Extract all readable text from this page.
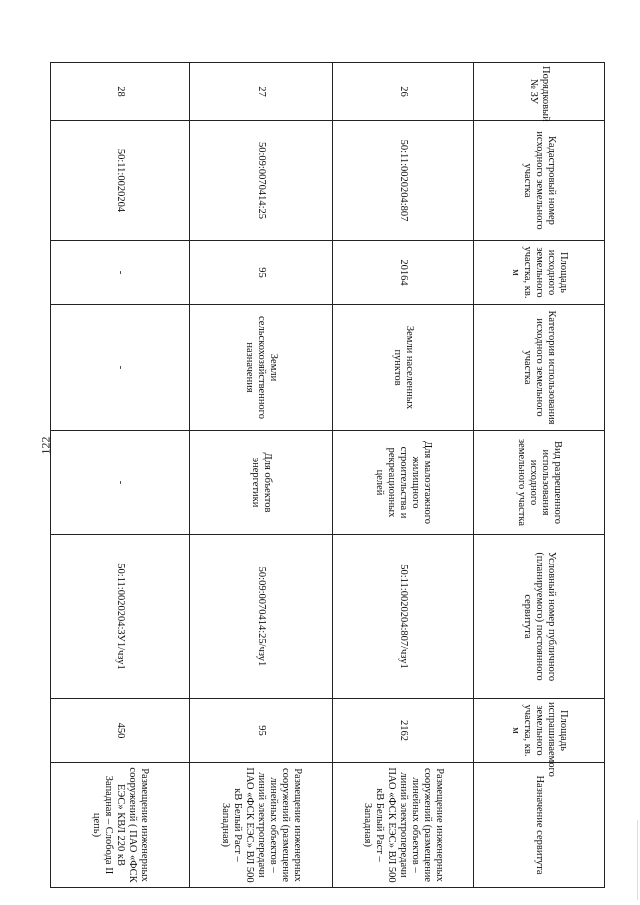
122
Порядковый № ЗУ	Кадастровый номер исходного земельного участка	Площадь исходного земельного участка, кв. м	Категория использования исходного земельного участка	Вид разрешенного использования исходного земельного участка	Условный номер публичного (планируемого) постоянного сервитута	Площадь испрашиваемого земельного участка, кв. м	Назначение сервитута
26	50:11:0020204:807	20164	Земли населенных пунктов	Для малоэтажного жилищного строительства и рекреационных целей	50:11:0020204:807/чзу1	2162	Размещение инженерных сооружений (размещение линейных объектов – линий электропередачи ПАО «ФСК ЕЭС» ВЛ 500 кВ Белый Раст – Западная)
27	50:09:0070414:25	95	Земли сельскохозяйственного назначения	Для объектов энергетики	50:09:0070414:25/чзу1	95	Размещение инженерных сооружений (размещение линейных объектов – линий электропередачи ПАО «ФСК ЕЭС» ВЛ 500 кВ Белый Раст – Западная)
28	50:11:0020204	-	-	-	50:11:0020204:ЗУ1/чзу1	450	Размещение инженерных сооружений ( ПАО «ФСК ЕЭС» КВЛ 220 кВ Западная – Слобода II цепь)
